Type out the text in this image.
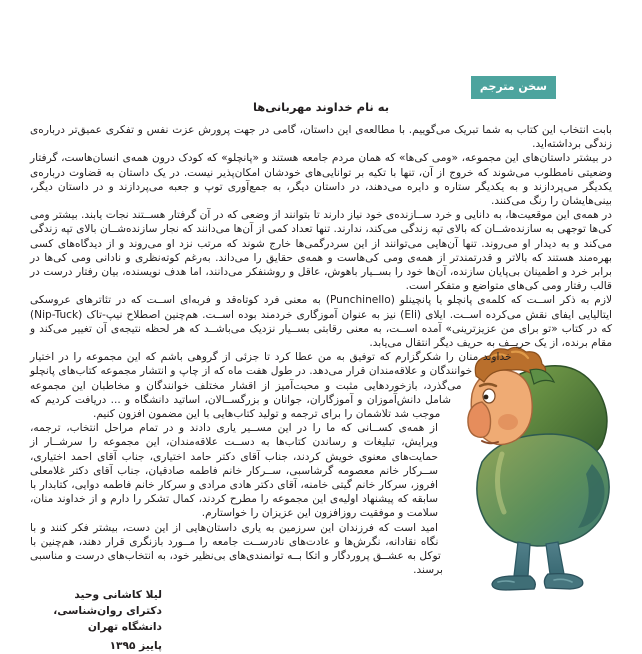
سخن مترجم
به نام خداوند مهربانی‌ها

بابت انتخاب این کتاب به شما تبریک می‌گوییم. با مطالعه‌ی این داستان، گامی در جهت پرورش عزت نفس و تفکری عمیق‌تر درباره‌ی زندگی برداشته‌اید.

در بیشتر داستان‌های این مجموعه، «ومی کی‌ها» که همان مردم جامعه هستند و «پانچلو» که کودک درون همه‌ی انسان‌هاست، گرفتار وضعیتی نامطلوب می‌شوند که خروج از آن، تنها با تکیه بر توانایی‌های خودشان امکان‌پذیر نیست. در یک داستان به قضاوت درباره‌ی یکدیگر می‌پردازند و به یکدیگر ستاره و دایره می‌دهند، در داستان دیگر، به جمع‌آوری توپ و جعبه می‌پردازند و در داستان دیگر، بینی‌هایشان را رنگ می‌کنند.

در همه‌ی این موقعیت‌ها، به دانایی و خرد ســازنده‌ی خود نیاز دارند تا بتوانند از وضعی که در آن گرفتار هســتند نجات یابند. بیشتر ومی کی‌ها توجهی به سازنده‌شــان که بالای تپه زندگی می‌کند، ندارند. تنها تعداد کمی از آن‌ها می‌دانند که نجار سازنده‌شــان بالای تپه زندگی می‌کند و به دیدار او می‌روند. تنها آن‌هایی می‌توانند از این سردرگمی‌ها خارج شوند که مرتب نزد او می‌روند و از دیدگاه‌های کسی بهره‌مند هستند که بالاتر و قدرتمندتر از همه‌ی ومی کی‌هاست و همه‌ی حقایق را می‌داند. به‌رغم کوته‌نظری و نادانی ومی کی‌ها در برابر خرد و اطمینان بی‌پایان سازنده، آن‌ها خود را بســیار باهوش، عاقل و روشنفکر می‌دانند، اما هدف نویسنده، بیان رفتار درست در قالب رفتار ومی کی‌های متواضع و متفکر است.

لازم به ذکر اســت که کلمه‌ی پانچلو یا پانچینلو (Punchinello) به معنی فرد کوتاه‌قد و فربه‌ای اســت که در تئاترهای عروسکی ایتالیایی ایفای نقش می‌کرده اســت. ایلای (Eli) نیز به عنوان آموزگاری خردمند بوده اســت. هم‌چنین اصطلاح نیپ-تاک (Nip-Tuck) که در کتاب «تو برای من عزیزترینی» آمده اســت، به معنی رقابتی بســیار نزدیک می‌باشــد که هر لحظه نتیجه‌ی آن تغییر می‌کند و مقام برنده، از یک حریــف به حریف دیگر انتقال می‌یابد.

خداوند منان را شکرگزارم که توفیق به من عطا کرد تا جزئی از گروهی باشم که این مجموعه را در اختیار خوانندگان و علاقه‌مندان قرار می‌دهد. در طول هفت ماه که از چاپ و انتشار مجموعه کتاب‌های پانچلو می‌گذرد، بازخوردهایی مثبت و محبت‌آمیز از اقشار مختلف خوانندگان و مخاطبان این مجموعه شامل دانش‌آموزان و آموزگاران، جوانان و بزرگســالان، اساتید دانشگاه و ... دریافت کردیم که موجب شد تلاشمان را برای ترجمه و تولید کتاب‌هایی با این مضمون افزون کنیم.

از همه‌ی کســانی که ما را در این مســیر یاری دادند و در تمام مراحل انتخاب، ترجمه، ویرایش، تبلیغات و رساندن کتاب‌ها به دســت علاقه‌مندان، این مجموعه را سرشــار از حمایت‌های معنوی خویش کردند، جناب آقای دکتر حامد اختیاری، جناب آقای احمد اختیاری، ســرکار خانم معصومه گرشاسبی، ســرکار خانم فاطمه صادقیان، جناب آقای دکتر غلامعلی افروز، سرکار خانم گیتی خامنه، آقای دکتر هادی مرادی و سرکار خانم فاطمه دوایی، کتابدار با سابقه که پیشنهاد اولیه‌ی این مجموعه را مطرح کردند، کمال تشکر را دارم و از خداوند منان، سلامت و موفقیت روزافزون این عزیزان را خواستارم.

امید است که فرزندان این سرزمین به یاری داستان‌هایی از این دست، بیشتر فکر کنند و با نگاه نقادانه، نگرش‌ها و عادت‌های نادرســت جامعه را مــورد بازنگری قرار دهند، هم‌چنین با توکل به عشــق پروردگار و اتکا بــه توانمندی‌های بی‌نظیر خود، به انتخاب‌های درست و مناسبی برسند.

لیلا کاشانی وحید
دکترای روان‌شناسی، دانشگاه تهران
پاییز ۱۳۹۵
